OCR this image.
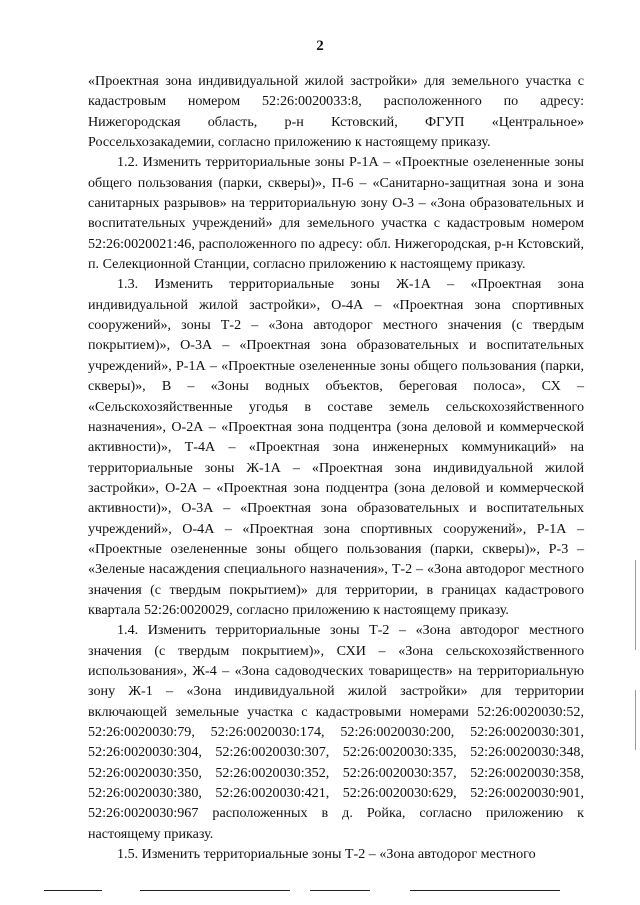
2

«Проектная зона индивидуальной жилой застройки» для земельного участка с кадастровым номером 52:26:0020033:8, расположенного по адресу: Нижегородская область, р-н Кстовский, ФГУП «Центральное» Россельхозакадемии, согласно приложению к настоящему приказу.

1.2. Изменить территориальные зоны Р-1А – «Проектные озелененные зоны общего пользования (парки, скверы)», П-6 – «Санитарно-защитная зона и зона санитарных разрывов» на территориальную зону О-3 – «Зона образовательных и воспитательных учреждений» для земельного участка с кадастровым номером 52:26:0020021:46, расположенного по адресу: обл. Нижегородская, р-н Кстовский, п. Селекционной Станции, согласно приложению к настоящему приказу.

1.3. Изменить территориальные зоны Ж-1А – «Проектная зона индивидуальной жилой застройки», О-4А – «Проектная зона спортивных сооружений», зоны Т-2 – «Зона автодорог местного значения (с твердым покрытием)», О-3А – «Проектная зона образовательных и воспитательных учреждений», Р-1А – «Проектные озелененные зоны общего пользования (парки, скверы)», В – «Зоны водных объектов, береговая полоса», СХ – «Сельскохозяйственные угодья в составе земель сельскохозяйственного назначения», О-2А – «Проектная зона подцентра (зона деловой и коммерческой активности)», Т-4А – «Проектная зона инженерных коммуникаций» на территориальные зоны Ж-1А – «Проектная зона индивидуальной жилой застройки», О-2А – «Проектная зона подцентра (зона деловой и коммерческой активности)», О-3А – «Проектная зона образовательных и воспитательных учреждений», О-4А – «Проектная зона спортивных сооружений», Р-1А – «Проектные озелененные зоны общего пользования (парки, скверы)», Р-3 – «Зеленые насаждения специального назначения», Т-2 – «Зона автодорог местного значения (с твердым покрытием)» для территории, в границах кадастрового квартала 52:26:0020029, согласно приложению к настоящему приказу.

1.4. Изменить территориальные зоны Т-2 – «Зона автодорог местного значения (с твердым покрытием)», СХИ – «Зона сельскохозяйственного использования», Ж-4 – «Зона садоводческих товариществ» на территориальную зону Ж-1 – «Зона индивидуальной жилой застройки» для территории включающей земельные участка с кадастровыми номерами 52:26:0020030:52, 52:26:0020030:79, 52:26:0020030:174, 52:26:0020030:200, 52:26:0020030:301, 52:26:0020030:304, 52:26:0020030:307, 52:26:0020030:335, 52:26:0020030:348, 52:26:0020030:350, 52:26:0020030:352, 52:26:0020030:357, 52:26:0020030:358, 52:26:0020030:380, 52:26:0020030:421, 52:26:0020030:629, 52:26:0020030:901, 52:26:0020030:967 расположенных в д. Ройка, согласно приложению к настоящему приказу.

1.5. Изменить территориальные зоны Т-2 – «Зона автодорог местного
